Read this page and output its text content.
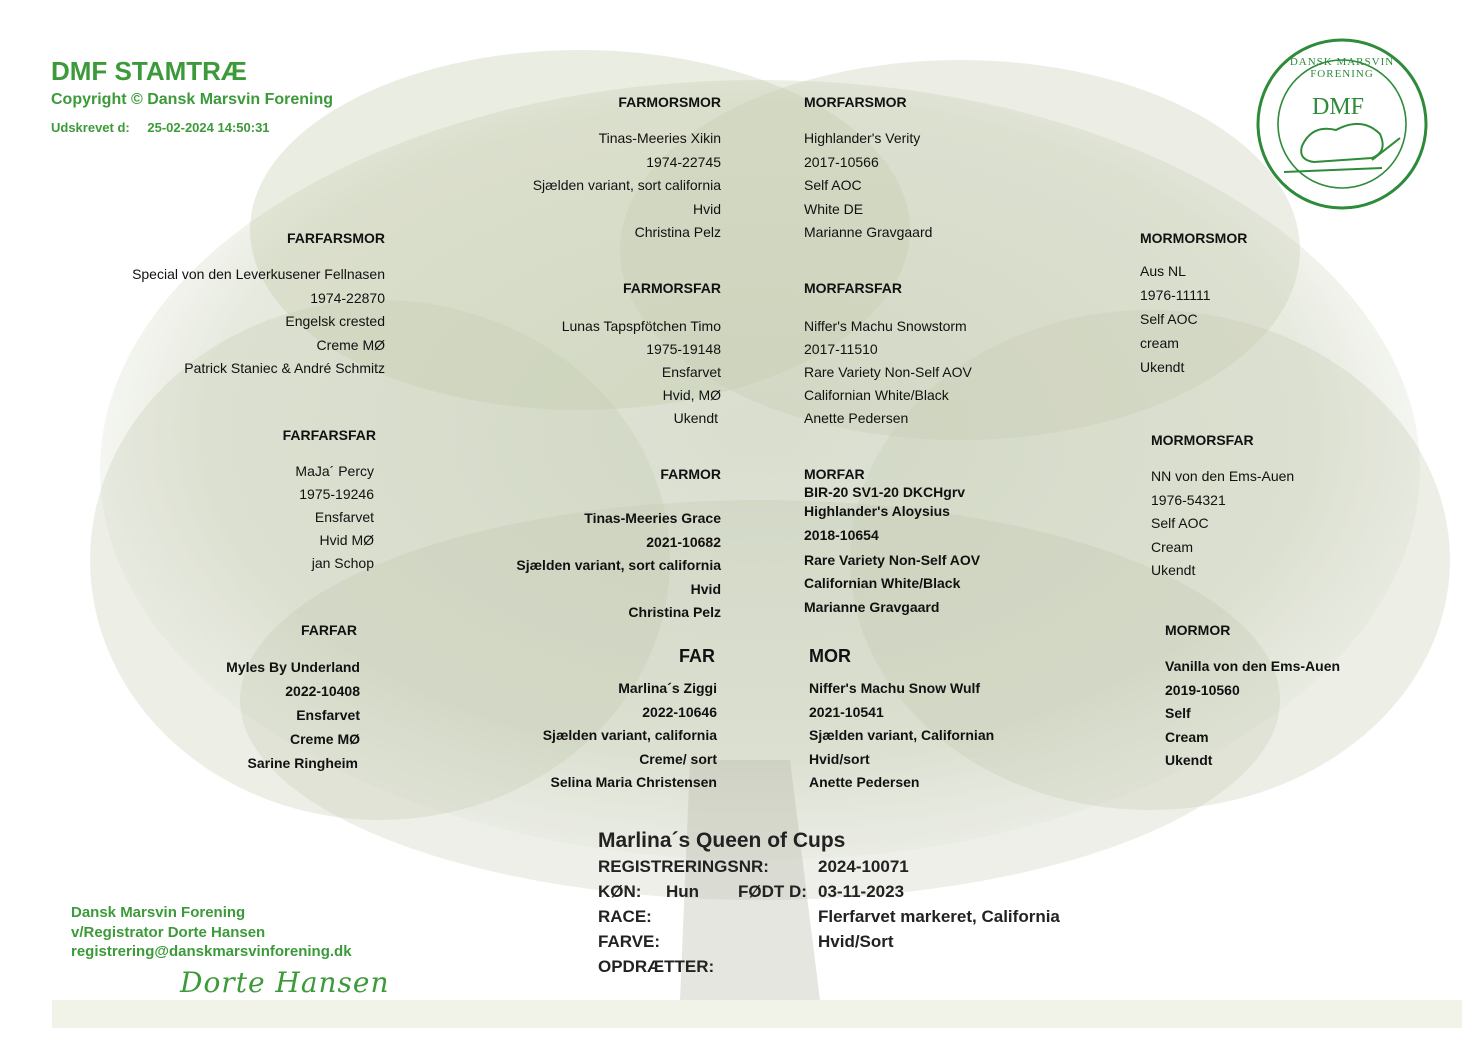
DMF
DANSK MARSVIN FORENING
DMF STAMTRÆ
Copyright © Dansk Marsvin Forening
Udskrevet d: 25-02-2024 14:50:31
FARMORSMOR
Tinas-Meeries Xikin
1974-22745
Sjælden variant, sort california
Hvid
Christina Pelz
MORFARSMOR
Highlander's Verity
2017-10566
Self AOC
White DE
Marianne Gravgaard
FARFARSMOR
Special von den Leverkusener Fellnasen
1974-22870
Engelsk crested
Creme MØ
Patrick Staniec & André Schmitz
MORMORSMOR
Aus NL
1976-11111
Self AOC
cream
Ukendt
FARMORSFAR
Lunas Tapspfötchen Timo
1975-19148
Ensfarvet
Hvid, MØ
Ukendt
MORFARSFAR
Niffer's Machu Snowstorm
2017-11510
Rare Variety Non-Self AOV
Californian White/Black
Anette Pedersen
FARFARSFAR
MaJa´ Percy
1975-19246
Ensfarvet
Hvid MØ
jan Schop
MORMORSFAR
NN von den Ems-Auen
1976-54321
Self AOC
Cream
Ukendt
FARMOR
Tinas-Meeries Grace
2021-10682
Sjælden variant, sort california
Hvid
Christina Pelz
MORFAR
BIR-20 SV1-20 DKCHgrv
Highlander's Aloysius
2018-10654
Rare Variety Non-Self AOV
Californian White/Black
Marianne Gravgaard
FARFAR
Myles By Underland
2022-10408
Ensfarvet
Creme MØ
Sarine Ringheim
MORMOR
Vanilla von den Ems-Auen
2019-10560
Self
Cream
Ukendt
FAR
Marlina´s Ziggi
2022-10646
Sjælden variant, california
Creme/ sort
Selina Maria Christensen
MOR
Niffer's Machu Snow Wulf
2021-10541
Sjælden variant, Californian
Hvid/sort
Anette Pedersen
Marlina´s Queen of Cups
REGISTRERINGSNR:	2024-10071
KØN: Hun FØDT D: 03-11-2023
RACE:	Flerfarvet markeret, California
FARVE:	Hvid/Sort
OPDRÆTTER:
Dansk Marsvin Forening
v/Registrator Dorte Hansen
registrering@danskmarsvinforening.dk
Dorte Hansen
